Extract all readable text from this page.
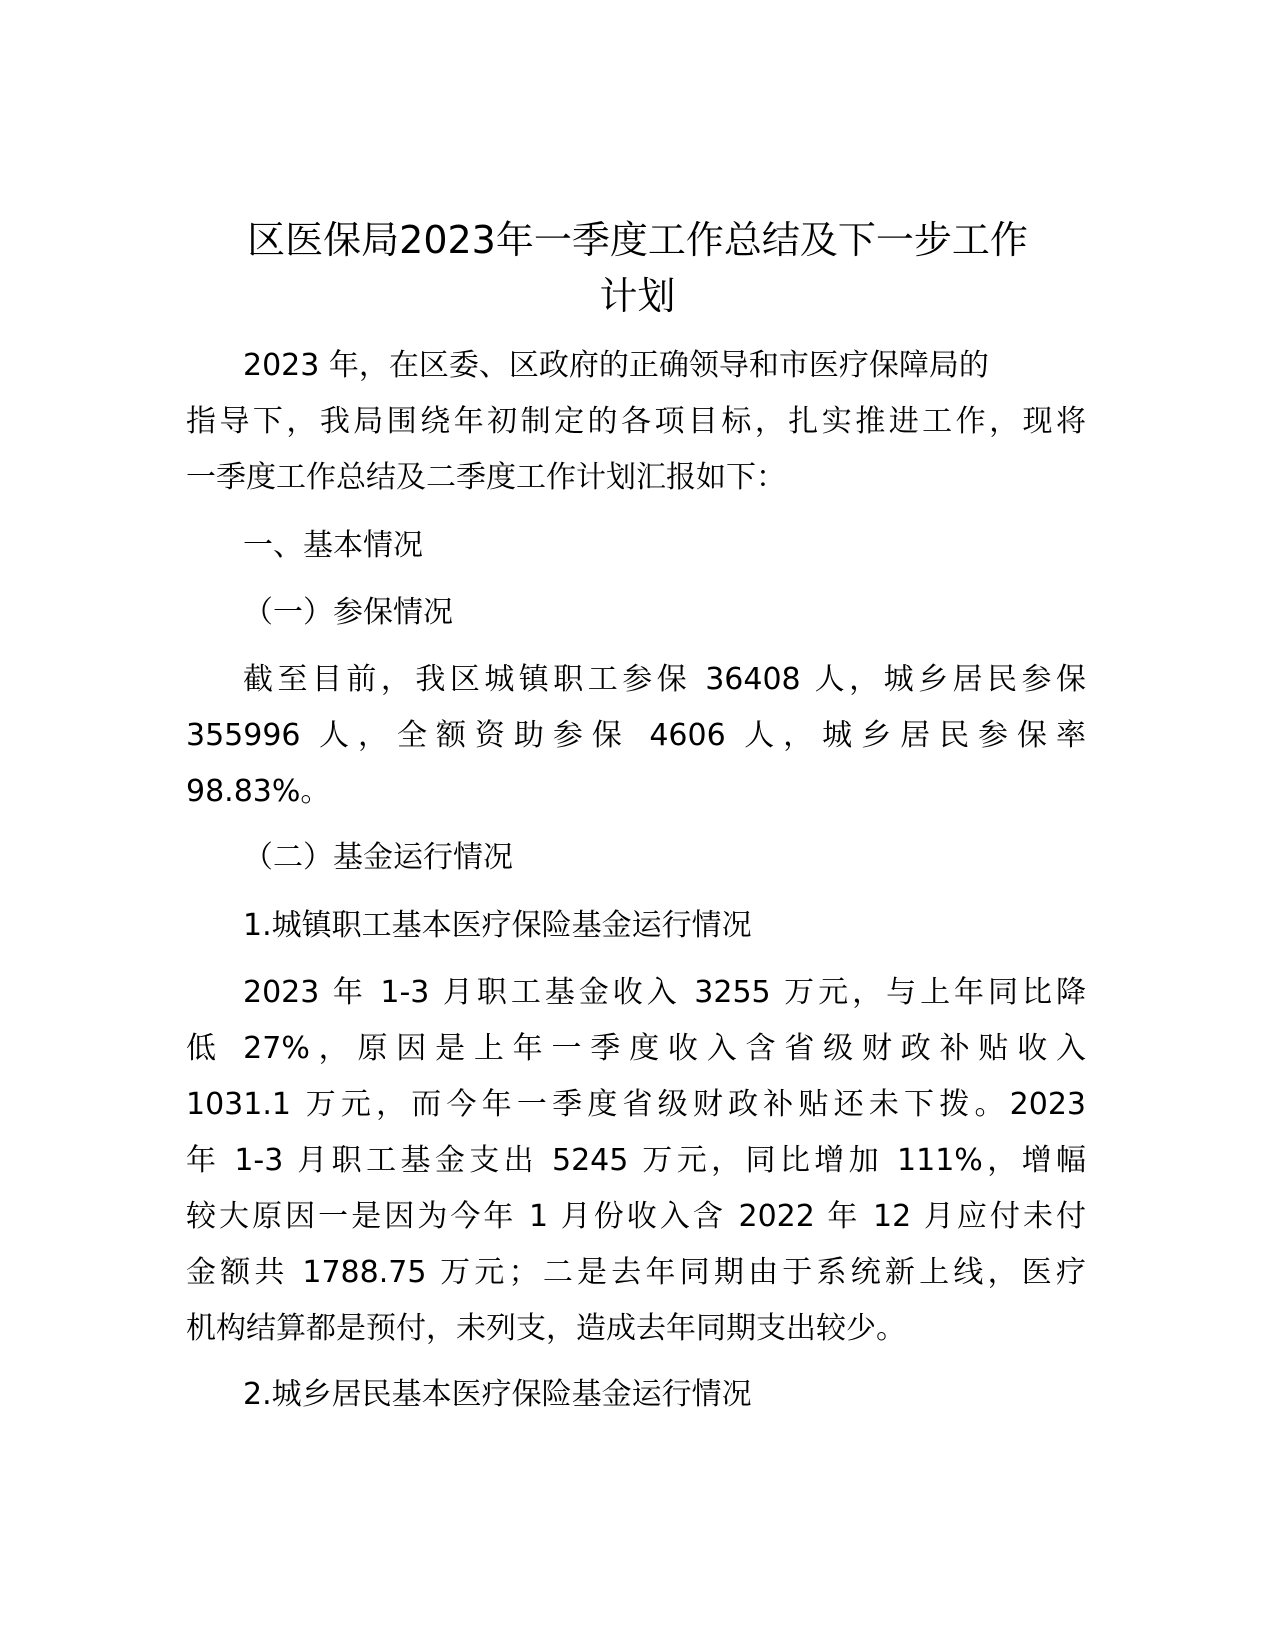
区医保局2023年一季度工作总结及下一步工作
计划

2023 年，在区委、区政府的正确领导和市医疗保障局的

指导下，我局围绕年初制定的各项目标，扎实推进工作，现将

一季度工作总结及二季度工作计划汇报如下：

一、基本情况

（一）参保情况

截至目前，我区城镇职工参保 36408 人，城乡居民参保

355996 人，全额资助参保 4606 人，城乡居民参保率

98.83%。

（二）基金运行情况

1.城镇职工基本医疗保险基金运行情况

2023 年 1-3 月职工基金收入 3255 万元，与上年同比降

低 27%，原因是上年一季度收入含省级财政补贴收入

1031.1 万元，而今年一季度省级财政补贴还未下拨。2023

年 1-3 月职工基金支出 5245 万元，同比增加 111%，增幅

较大原因一是因为今年 1 月份收入含 2022 年 12 月应付未付

金额共 1788.75 万元；二是去年同期由于系统新上线，医疗

机构结算都是预付，未列支，造成去年同期支出较少。

2.城乡居民基本医疗保险基金运行情况
